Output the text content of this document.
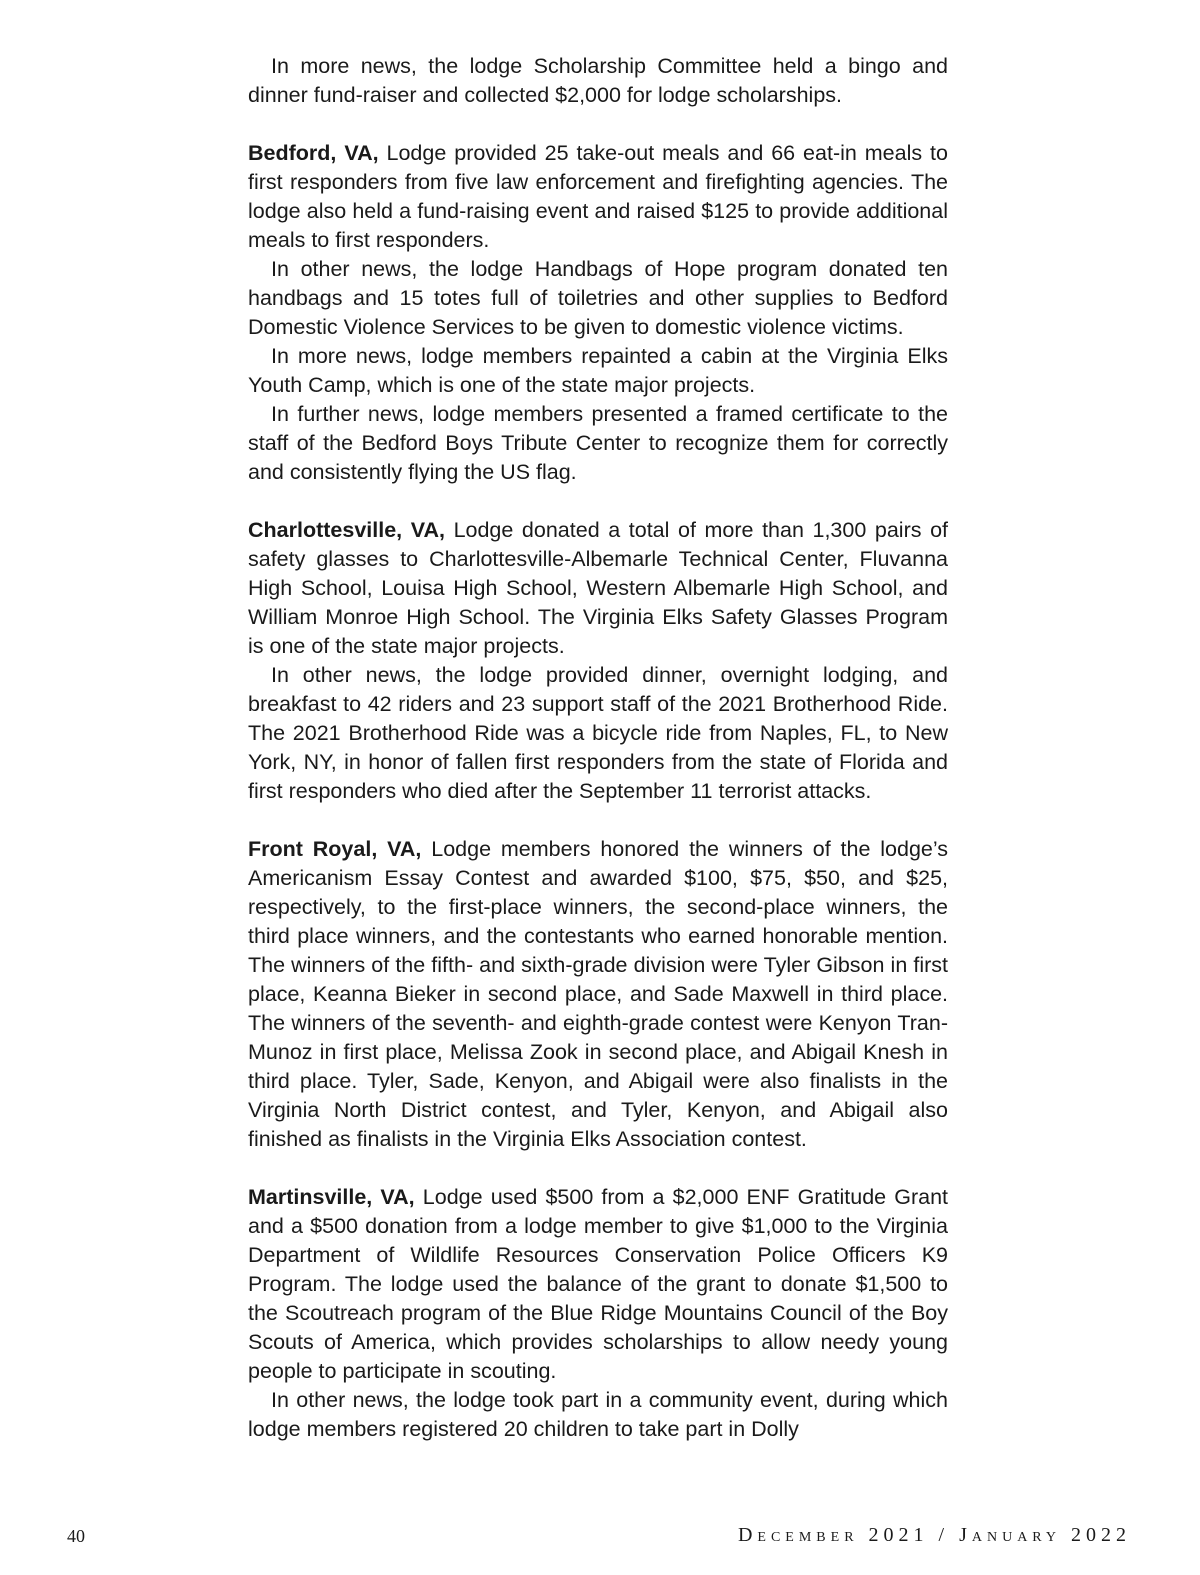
In more news, the lodge Scholarship Committee held a bingo and dinner fund-raiser and collected $2,000 for lodge scholarships.

Bedford, VA, Lodge provided 25 take-out meals and 66 eat-in meals to first responders from five law enforcement and firefighting agencies. The lodge also held a fund-raising event and raised $125 to provide additional meals to first responders.

In other news, the lodge Handbags of Hope program donated ten handbags and 15 totes full of toiletries and other supplies to Bedford Domestic Violence Services to be given to domestic violence victims.

In more news, lodge members repainted a cabin at the Virginia Elks Youth Camp, which is one of the state major projects.

In further news, lodge members presented a framed certificate to the staff of the Bedford Boys Tribute Center to recognize them for correctly and consistently flying the US flag.

Charlottesville, VA, Lodge donated a total of more than 1,300 pairs of safety glasses to Charlottesville-Albemarle Technical Center, Fluvanna High School, Louisa High School, Western Albemarle High School, and William Monroe High School. The Virginia Elks Safety Glasses Program is one of the state major projects.

In other news, the lodge provided dinner, overnight lodging, and breakfast to 42 riders and 23 support staff of the 2021 Brotherhood Ride. The 2021 Brotherhood Ride was a bicycle ride from Naples, FL, to New York, NY, in honor of fallen first responders from the state of Florida and first responders who died after the September 11 terrorist attacks.

Front Royal, VA, Lodge members honored the winners of the lodge’s Americanism Essay Contest and awarded $100, $75, $50, and $25, respectively, to the first-place winners, the second-place winners, the third place winners, and the contestants who earned honorable mention. The winners of the fifth- and sixth-grade division were Tyler Gibson in first place, Keanna Bieker in second place, and Sade Maxwell in third place. The winners of the seventh- and eighth-grade contest were Kenyon Tran-Munoz in first place, Melissa Zook in second place, and Abigail Knesh in third place. Tyler, Sade, Kenyon, and Abigail were also finalists in the Virginia North District contest, and Tyler, Kenyon, and Abigail also finished as finalists in the Virginia Elks Association contest.

Martinsville, VA, Lodge used $500 from a $2,000 ENF Gratitude Grant and a $500 donation from a lodge member to give $1,000 to the Virginia Department of Wildlife Resources Conservation Police Officers K9 Program. The lodge used the balance of the grant to donate $1,500 to the Scoutreach program of the Blue Ridge Mountains Council of the Boy Scouts of America, which provides scholarships to allow needy young people to participate in scouting.

In other news, the lodge took part in a community event, during which lodge members registered 20 children to take part in Dolly

40	December 2021 / January 2022
